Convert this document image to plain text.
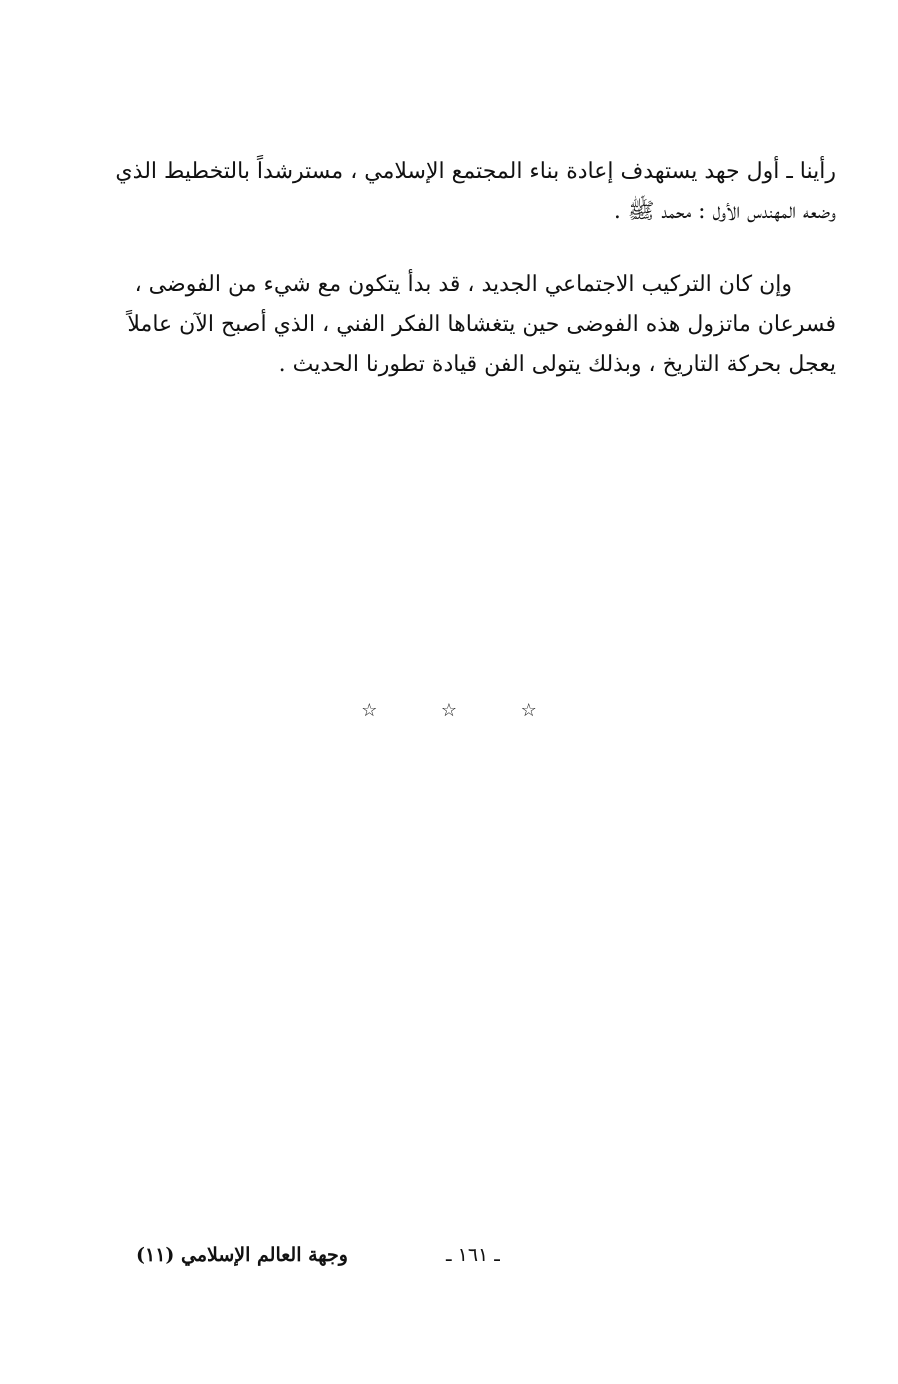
رأينا ـ أول جهد يستهدف إعادة بناء المجتمع الإسلامي ، مسترشداً بالتخطيط الذي
وضعه المهندس الأول : محمد ﷺ .
وإن كان التركيب الاجتماعي الجديد ، قد بدأ يتكون مع شيء من الفوضى ،
فسرعان ماتزول هذه الفوضى حين يتغشاها الفكر الفني ، الذي أصبح الآن عاملاً
يعجل بحركة التاريخ ، وبذلك يتولى الفن قيادة تطورنا الحديث .
☆	☆	☆
وجهة العالم الإسلامي (١١)	ـ ١٦١ ـ
